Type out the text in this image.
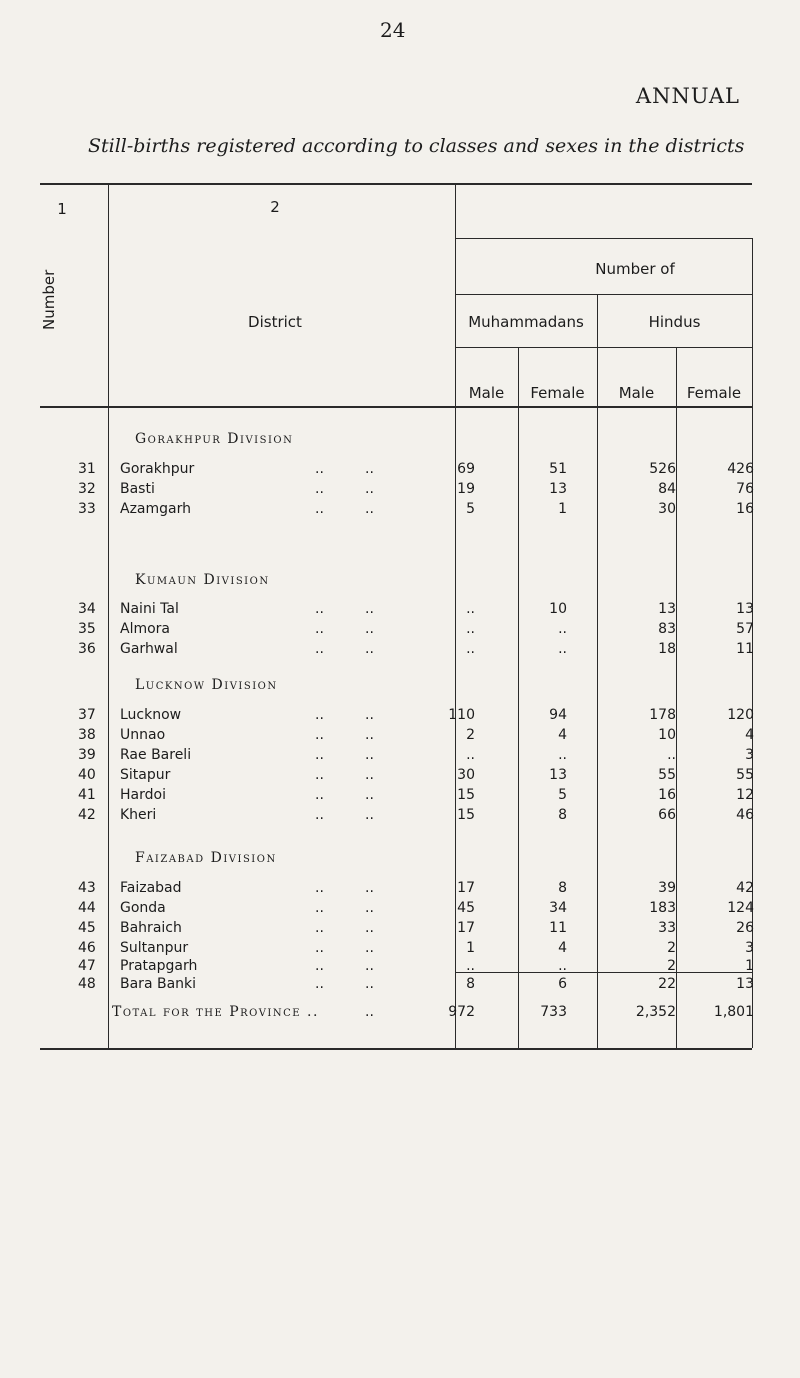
24
ANNUAL
Still-births registered according to classes and sexes in the districts
1	2
Number	District
Number of
Muhammadans	Hindus
Male	Female	Male	Female
Gorakhpur Division
31 Gorakhpur	..	..	69	51	526	426
32 Basti	..	..	19	13	84	76
33 Azamgarh	..	..	5	1	30	16
Kumaun Division
34 Naini Tal	..	..	..	10	13	13
35 Almora	..	..	..	..	83	57
36 Garhwal	..	..	..	..	18	11
Lucknow Division
37 Lucknow	..	..	110	94	178	120
38 Unnao	..	..	2	4	10	4
39 Rae Bareli	..	..	..	..	..	3
40 Sitapur	..	..	30	13	55	55
41 Hardoi	..	..	15	5	16	12
42 Kheri	..	..	15	8	66	46
Faizabad Division
43 Faizabad	..	..	17	8	39	42
44 Gonda	..	..	45	34	183	124
45 Bahraich	..	..	17	11	33	26
46 Sultanpur	..	..	1	4	2	3
47 Pratapgarh	..	..	..	..	2	1
48 Bara Banki	..	..	8	6	22	13
Total for the Province ..	..	972	733	2,352	1,801
